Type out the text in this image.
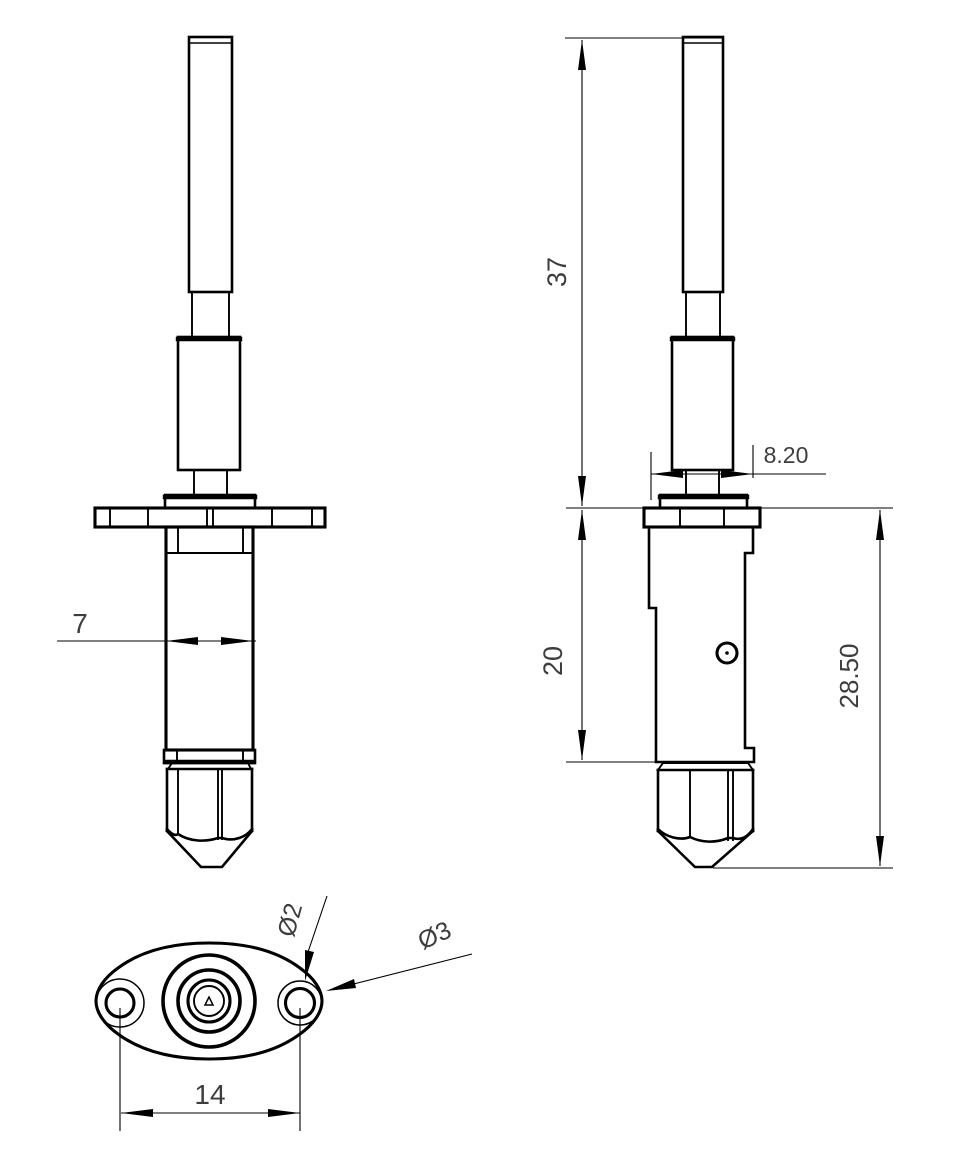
37
20	28.50
8.20
7
14
Ø2	Ø3
